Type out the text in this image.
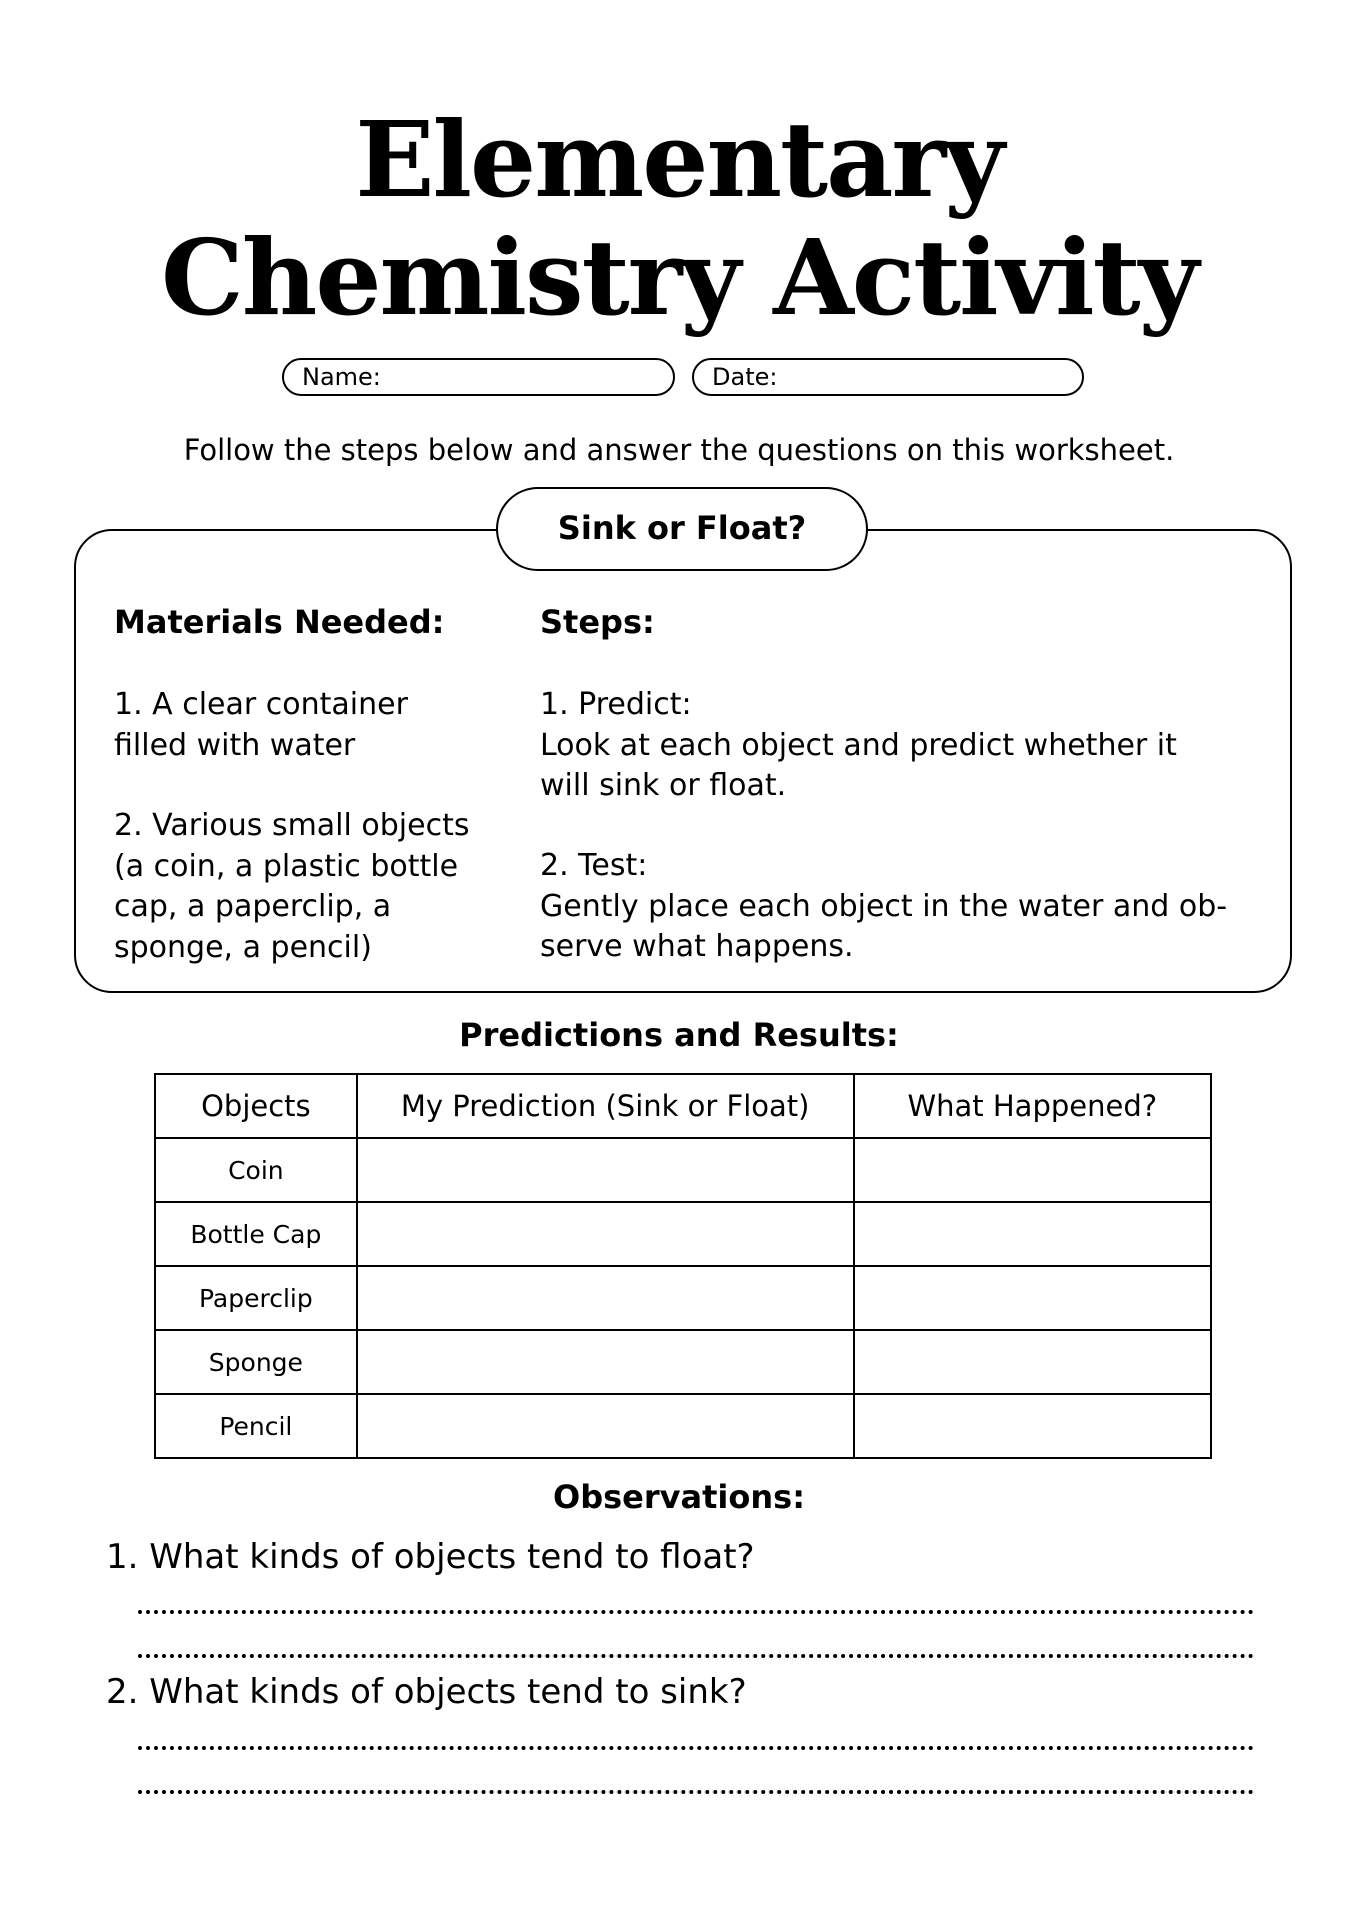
Elementary
Chemistry Activity
Name:	Date:
Follow the steps below and answer the questions on this worksheet.
Sink or Float?
Materials Needed:	Steps:

1. A clear container

filled with water

2. Various small objects

(a coin, a plastic bottle

cap, a paperclip, a

sponge, a pencil)

1. Predict:

Look at each object and predict whether it

will sink or float.

2. Test:

Gently place each object in the water and ob-

serve what happens.

Predictions and Results:
Objects	My Prediction (Sink or Float)	What Happened?
Coin		
Bottle Cap		
Paperclip		
Sponge		
Pencil		
Observations:
1. What kinds of objects tend to float?
2. What kinds of objects tend to sink?
